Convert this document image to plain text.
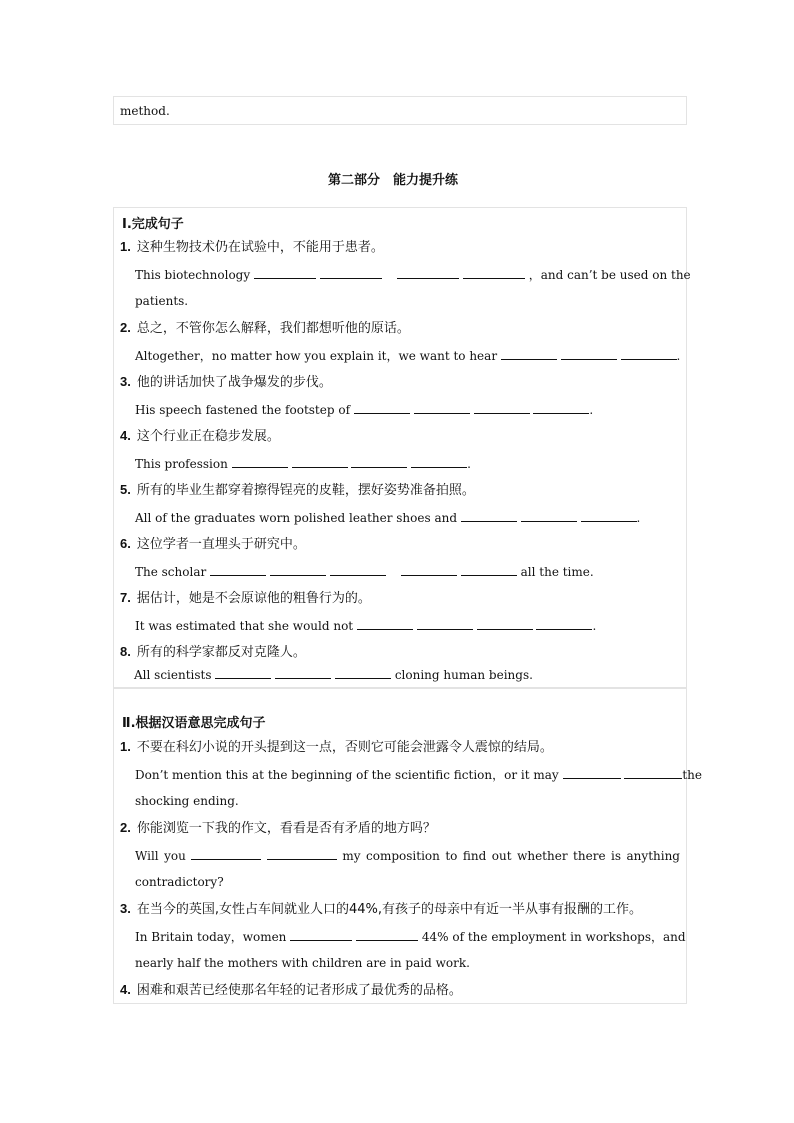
method.
第二部分　能力提升练
Ⅰ.完成句子
1. 这种生物技术仍在试验中，不能用于患者。
This biotechnology	，and can’t be used on the
patients.
2. 总之，不管你怎么解释，我们都想听他的原话。
Altogether，no matter how you explain it，we want to hear	.
3. 他的讲话加快了战争爆发的步伐。
His speech fastened the footstep of	.
4. 这个行业正在稳步发展。
This profession	.
5. 所有的毕业生都穿着擦得锃亮的皮鞋，摆好姿势准备拍照。
All of the graduates worn polished leather shoes and	.
6. 这位学者一直埋头于研究中。
The scholar	all the time.
7. 据估计，她是不会原谅他的粗鲁行为的。
It was estimated that she would not	.
8. 所有的科学家都反对克隆人。
All scientists	cloning human beings.
Ⅱ.根据汉语意思完成句子
1. 不要在科幻小说的开头提到这一点，否则它可能会泄露令人震惊的结局。
Don’t mention this at the beginning of the scientific fiction，or it may	the
shocking ending.
2. 你能浏览一下我的作文，看看是否有矛盾的地方吗？
Will you	my composition to find out whether there is anything
contradictory?
3. 在当今的英国,女性占车间就业人口的44%,有孩子的母亲中有近一半从事有报酬的工作。
In Britain today，women	44% of the employment in workshops，and
nearly half the mothers with children are in paid work.
4. 困难和艰苦已经使那名年轻的记者形成了最优秀的品格。
